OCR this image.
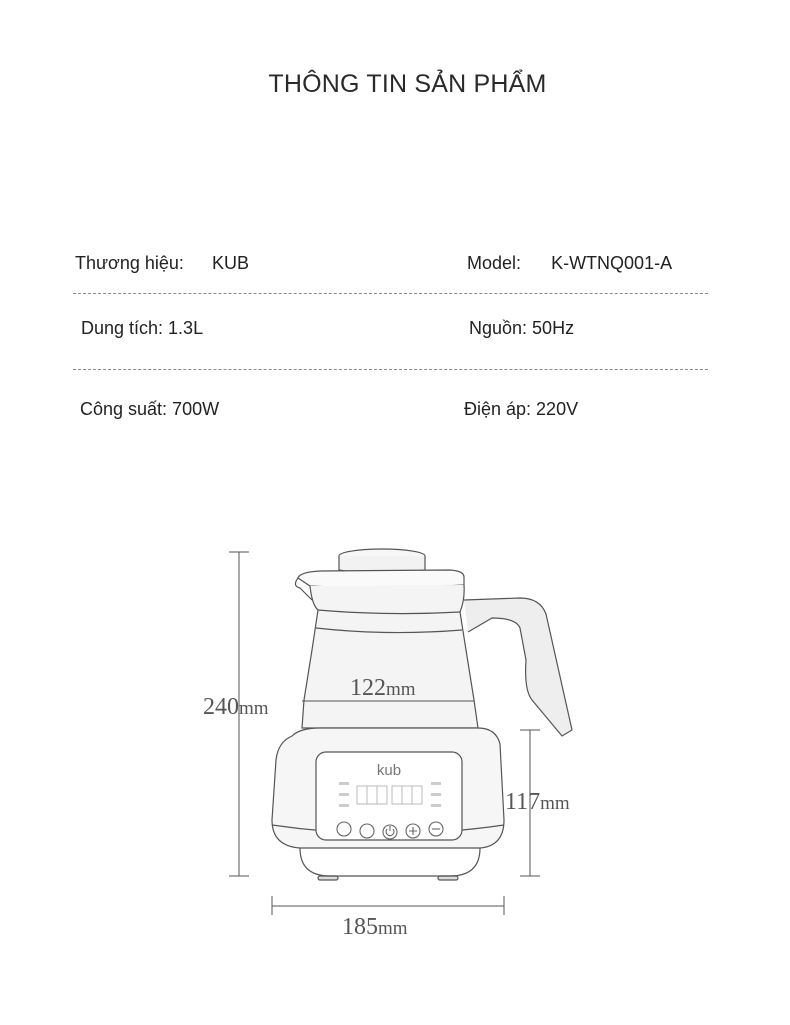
THÔNG TIN SẢN PHẨM
Thương hiệu: KUB	Model: K-WTNQ001-A
Dung tích: 1.3L	Nguồn: 50Hz
Công suất: 700W	Điện áp: 220V
kub
240mm
117mm
122mm
185mm
